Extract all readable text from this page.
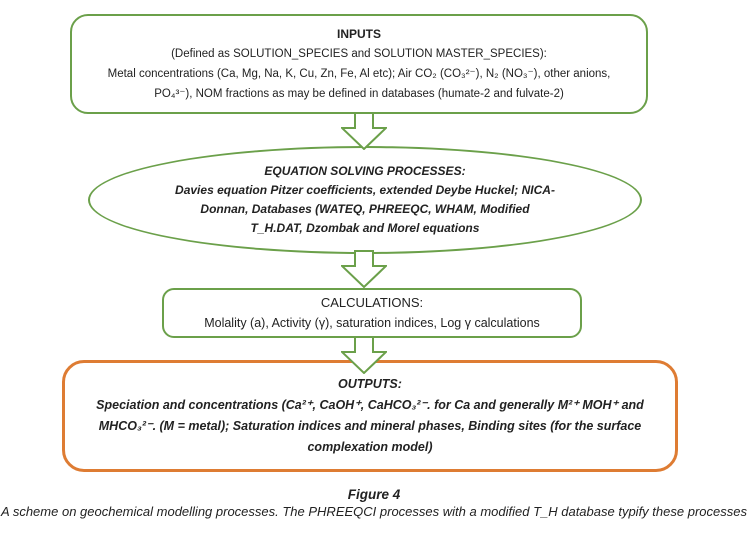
INPUTS
(Defined as SOLUTION_SPECIES and SOLUTION MASTER_SPECIES):
Metal concentrations (Ca, Mg, Na, K, Cu, Zn, Fe, Al etc); Air CO₂ (CO₃²⁻), N₂ (NO₃⁻), other anions,
PO₄³⁻), NOM fractions as may be defined in databases (humate-2 and fulvate-2)
EQUATION SOLVING PROCESSES:
Davies equation Pitzer coefficients, extended Deybe Huckel; NICA-
Donnan, Databases (WATEQ, PHREEQC, WHAM, Modified
T_H.DAT, Dzombak and Morel equations
CALCULATIONS:
Molality (a), Activity (γ), saturation indices, Log γ calculations
OUTPUTS:
Speciation and concentrations (Ca²⁺, CaOH⁺, CaHCO₃²⁻. for Ca and generally M²⁺ MOH⁺ and
MHCO₃²⁻. (M = metal); Saturation indices and mineral phases, Binding sites (for the surface
complexation model)
Figure 4
A scheme on geochemical modelling processes. The PHREEQCI processes with a modified T_H database typify these processes
